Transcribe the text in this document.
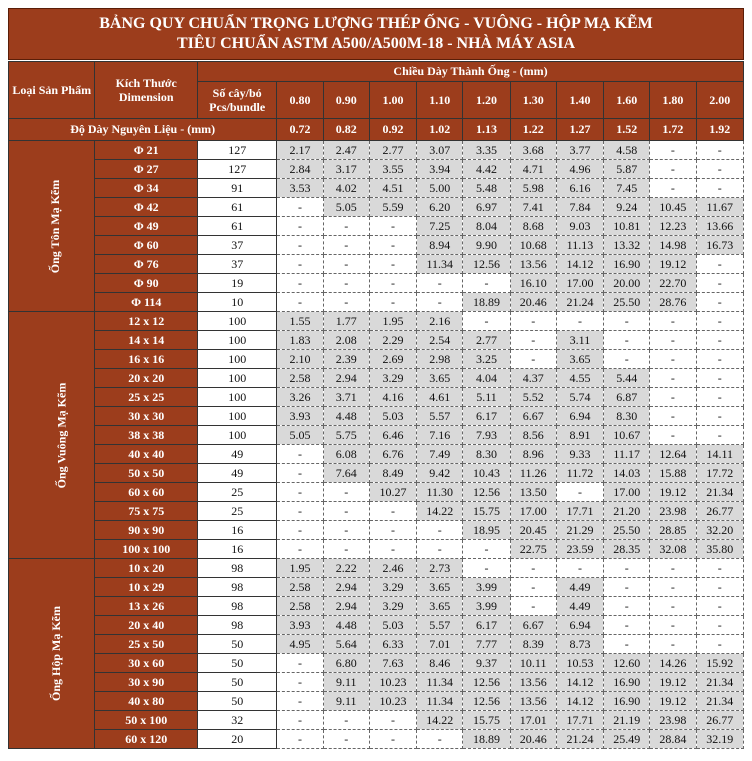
BẢNG QUY CHUẨN TRỌNG LƯỢNG THÉP ỐNG - VUÔNG - HỘP MẠ KẼM
TIÊU CHUẨN ASTM A500/A500M-18 - NHÀ MÁY ASIA
Loại Sản Phẩm	Kích Thước Dimension	Chiều Dày Thành Ống - (mm)										
		Số cây/bó Pcs/bundle	0.80	0.90	1.00	1.10	1.20	1.30	1.40	1.60	1.80	2.00
Độ Dày Nguyên Liệu - (mm)			0.72	0.82	0.92	1.02	1.13	1.22	1.27	1.52	1.72	1.92
Ống Tôn Mạ Kẽm	Φ 21	127	2.17	2.47	2.77	3.07	3.35	3.68	3.77	4.58	-	-
	Φ 27	127	2.84	3.17	3.55	3.94	4.42	4.71	4.96	5.87	-	-
	Φ 34	91	3.53	4.02	4.51	5.00	5.48	5.98	6.16	7.45	-	-
	Φ 42	61	-	5.05	5.59	6.20	6.97	7.41	7.84	9.24	10.45	11.67
	Φ 49	61	-	-	-	7.25	8.04	8.68	9.03	10.81	12.23	13.66
	Φ 60	37	-	-	-	8.94	9.90	10.68	11.13	13.32	14.98	16.73
	Φ 76	37	-	-	-	11.34	12.56	13.56	14.12	16.90	19.12	-
	Φ 90	19	-	-	-	-	-	16.10	17.00	20.00	22.70	-
	Φ 114	10	-	-	-	-	18.89	20.46	21.24	25.50	28.76	-
Ống Vuông Mạ Kẽm	12 x 12	100	1.55	1.77	1.95	2.16	-	-	-	-	-	-
	14 x 14	100	1.83	2.08	2.29	2.54	2.77	-	3.11	-	-	-
	16 x 16	100	2.10	2.39	2.69	2.98	3.25	-	3.65	-	-	-
	20 x 20	100	2.58	2.94	3.29	3.65	4.04	4.37	4.55	5.44	-	-
	25 x 25	100	3.26	3.71	4.16	4.61	5.11	5.52	5.74	6.87	-	-
	30 x 30	100	3.93	4.48	5.03	5.57	6.17	6.67	6.94	8.30	-	-
	38 x 38	100	5.05	5.75	6.46	7.16	7.93	8.56	8.91	10.67	-	-
	40 x 40	49	-	6.08	6.76	7.49	8.30	8.96	9.33	11.17	12.64	14.11
	50 x 50	49	-	7.64	8.49	9.42	10.43	11.26	11.72	14.03	15.88	17.72
	60 x 60	25	-	-	10.27	11.30	12.56	13.50	-	17.00	19.12	21.34
	75 x 75	25	-	-	-	14.22	15.75	17.00	17.71	21.20	23.98	26.77
	90 x 90	16	-	-	-	-	18.95	20.45	21.29	25.50	28.85	32.20
	100 x 100	16	-	-	-	-	-	22.75	23.59	28.35	32.08	35.80
Ống Hộp Mạ Kẽm	10 x 20	98	1.95	2.22	2.46	2.73	-	-	-	-	-	-
	10 x 29	98	2.58	2.94	3.29	3.65	3.99	-	4.49	-	-	-
	13 x 26	98	2.58	2.94	3.29	3.65	3.99	-	4.49	-	-	-
	20 x 40	98	3.93	4.48	5.03	5.57	6.17	6.67	6.94	-	-	-
	25 x 50	50	4.95	5.64	6.33	7.01	7.77	8.39	8.73	-	-	-
	30 x 60	50	-	6.80	7.63	8.46	9.37	10.11	10.53	12.60	14.26	15.92
	30 x 90	50	-	9.11	10.23	11.34	12.56	13.56	14.12	16.90	19.12	21.34
	40 x 80	50	-	9.11	10.23	11.34	12.56	13.56	14.12	16.90	19.12	21.34
	50 x 100	32	-	-	-	14.22	15.75	17.01	17.71	21.19	23.98	26.77
	60 x 120	20	-	-	-	-	18.89	20.46	21.24	25.49	28.84	32.19
